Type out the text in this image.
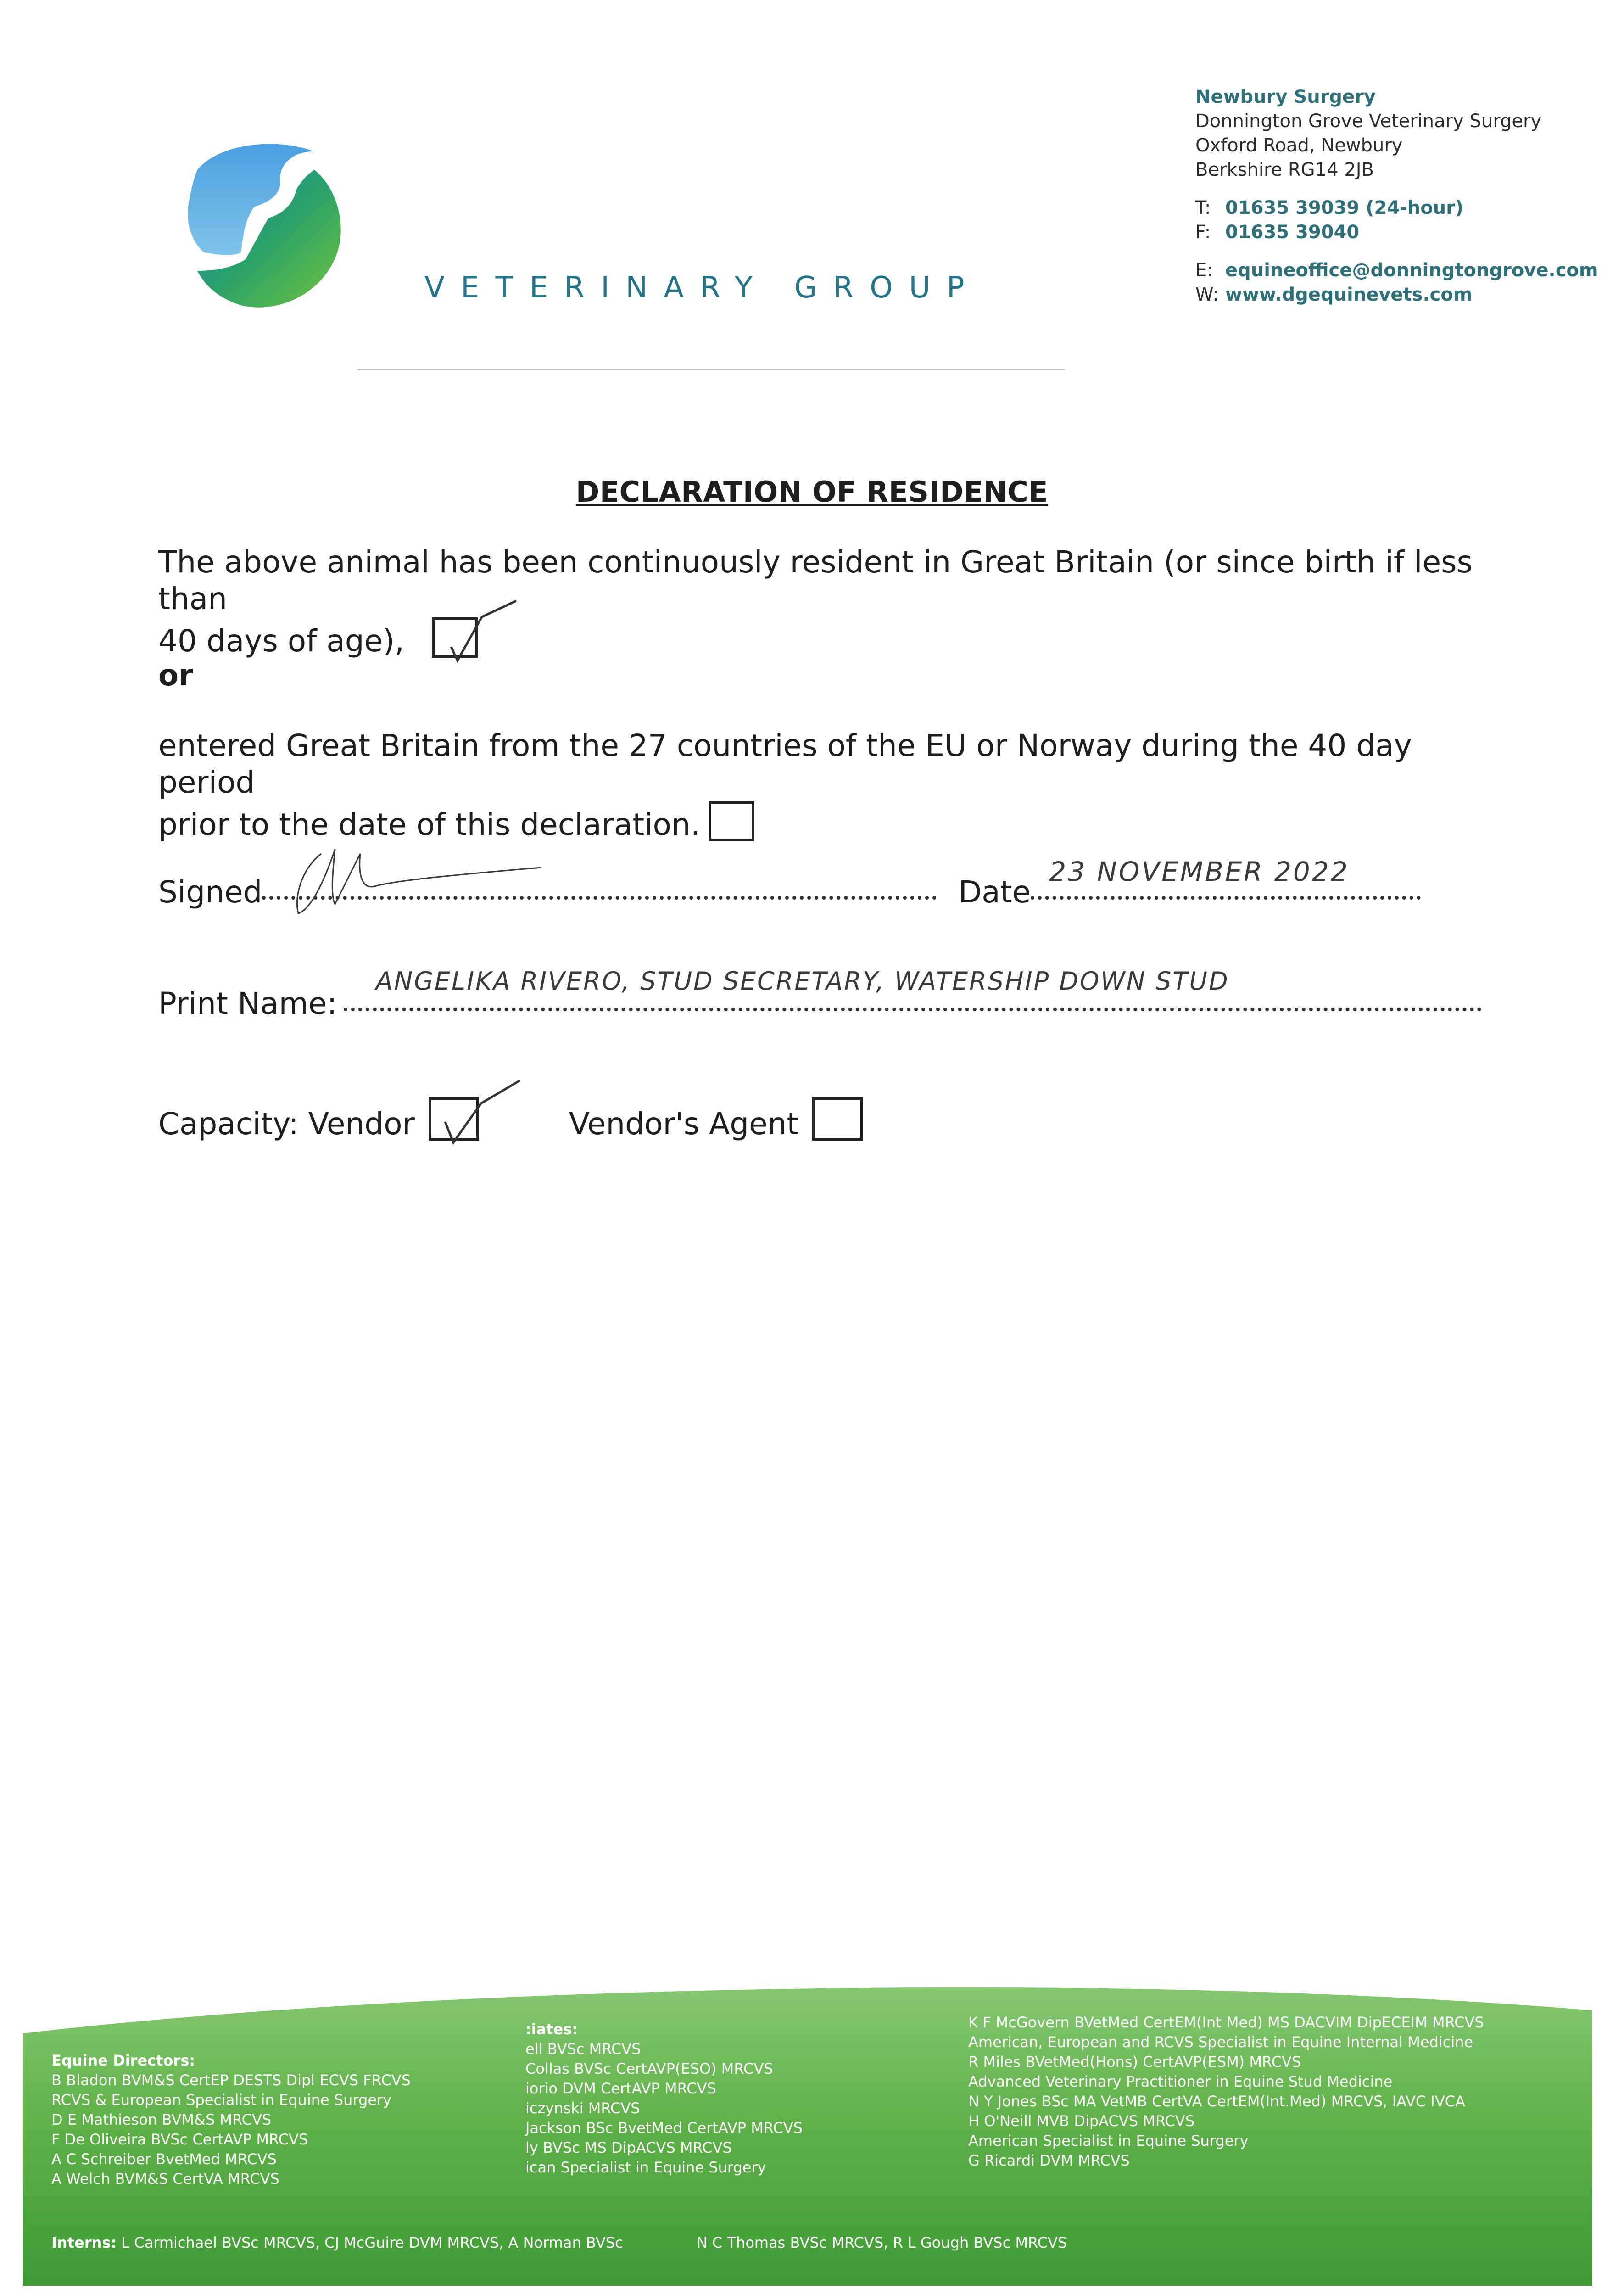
VETERINARY GROUP
Newbury Surgery
Donnington Grove Veterinary Surgery
Oxford Road, Newbury
Berkshire RG14 2JB
T: 01635 39039 (24-hour)
F: 01635 39040
E: equineoffice@donningtongrove.com
W: www.dgequinevets.com
DECLARATION OF RESIDENCE
The above animal has been continuously resident in Great Britain (or since birth if less than
40 days of age),
✓
or
entered Great Britain from the 27 countries of the EU or Norway during the 40 day period
prior to the date of this declaration.
Signed	Date
23 NOVEMBER 2022
Print Name:
ANGELIKA RIVERO, STUD SECRETARY, WATERSHIP DOWN STUD
Capacity: Vendor
✓
Vendor's Agent
Equine Directors:
B Bladon BVM&S CertEP DESTS Dipl ECVS FRCVS
RCVS & European Specialist in Equine Surgery
D E Mathieson BVM&S MRCVS
F De Oliveira BVSc CertAVP MRCVS
A C Schreiber BvetMed MRCVS
A Welch BVM&S CertVA MRCVS
:iates:
ell BVSc MRCVS
Collas BVSc CertAVP(ESO) MRCVS
iorio DVM CertAVP MRCVS
iczynski MRCVS
Jackson BSc BvetMed CertAVP MRCVS
ly BVSc MS DipACVS MRCVS
ican Specialist in Equine Surgery
K F McGovern BVetMed CertEM(Int Med) MS DACVIM DipECEIM MRCVS
American, European and RCVS Specialist in Equine Internal Medicine
R Miles BVetMed(Hons) CertAVP(ESM) MRCVS
Advanced Veterinary Practitioner in Equine Stud Medicine
N Y Jones BSc MA VetMB CertVA CertEM(Int.Med) MRCVS, IAVC IVCA
H O'Neill MVB DipACVS MRCVS
American Specialist in Equine Surgery
G Ricardi DVM MRCVS
Interns: L Carmichael BVSc MRCVS, CJ McGuire DVM MRCVS, A Norman BVSc	N C Thomas BVSc MRCVS, R L Gough BVSc MRCVS
